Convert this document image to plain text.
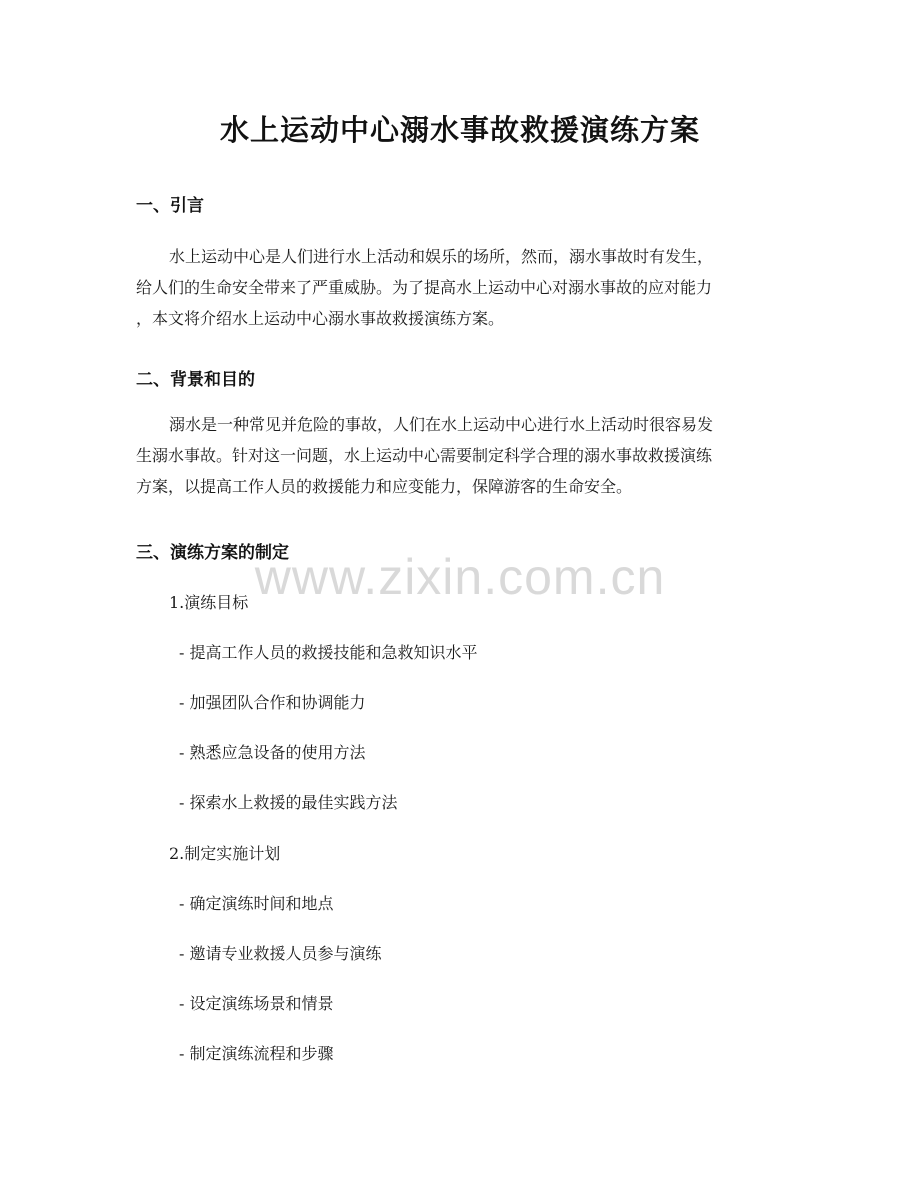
水上运动中心溺水事故救援演练方案
一、引言
水上运动中心是人们进行水上活动和娱乐的场所，然而，溺水事故时有发生，
给人们的生命安全带来了严重威胁。为了提高水上运动中心对溺水事故的应对能力
，本文将介绍水上运动中心溺水事故救援演练方案。
二、背景和目的
溺水是一种常见并危险的事故，人们在水上运动中心进行水上活动时很容易发
生溺水事故。针对这一问题，水上运动中心需要制定科学合理的溺水事故救援演练
方案，以提高工作人员的救援能力和应变能力，保障游客的生命安全。
三、演练方案的制定
1.演练目标
- 提高工作人员的救援技能和急救知识水平
- 加强团队合作和协调能力
- 熟悉应急设备的使用方法
- 探索水上救援的最佳实践方法
2.制定实施计划
- 确定演练时间和地点
- 邀请专业救援人员参与演练
- 设定演练场景和情景
- 制定演练流程和步骤
www.zixin.com.cn
